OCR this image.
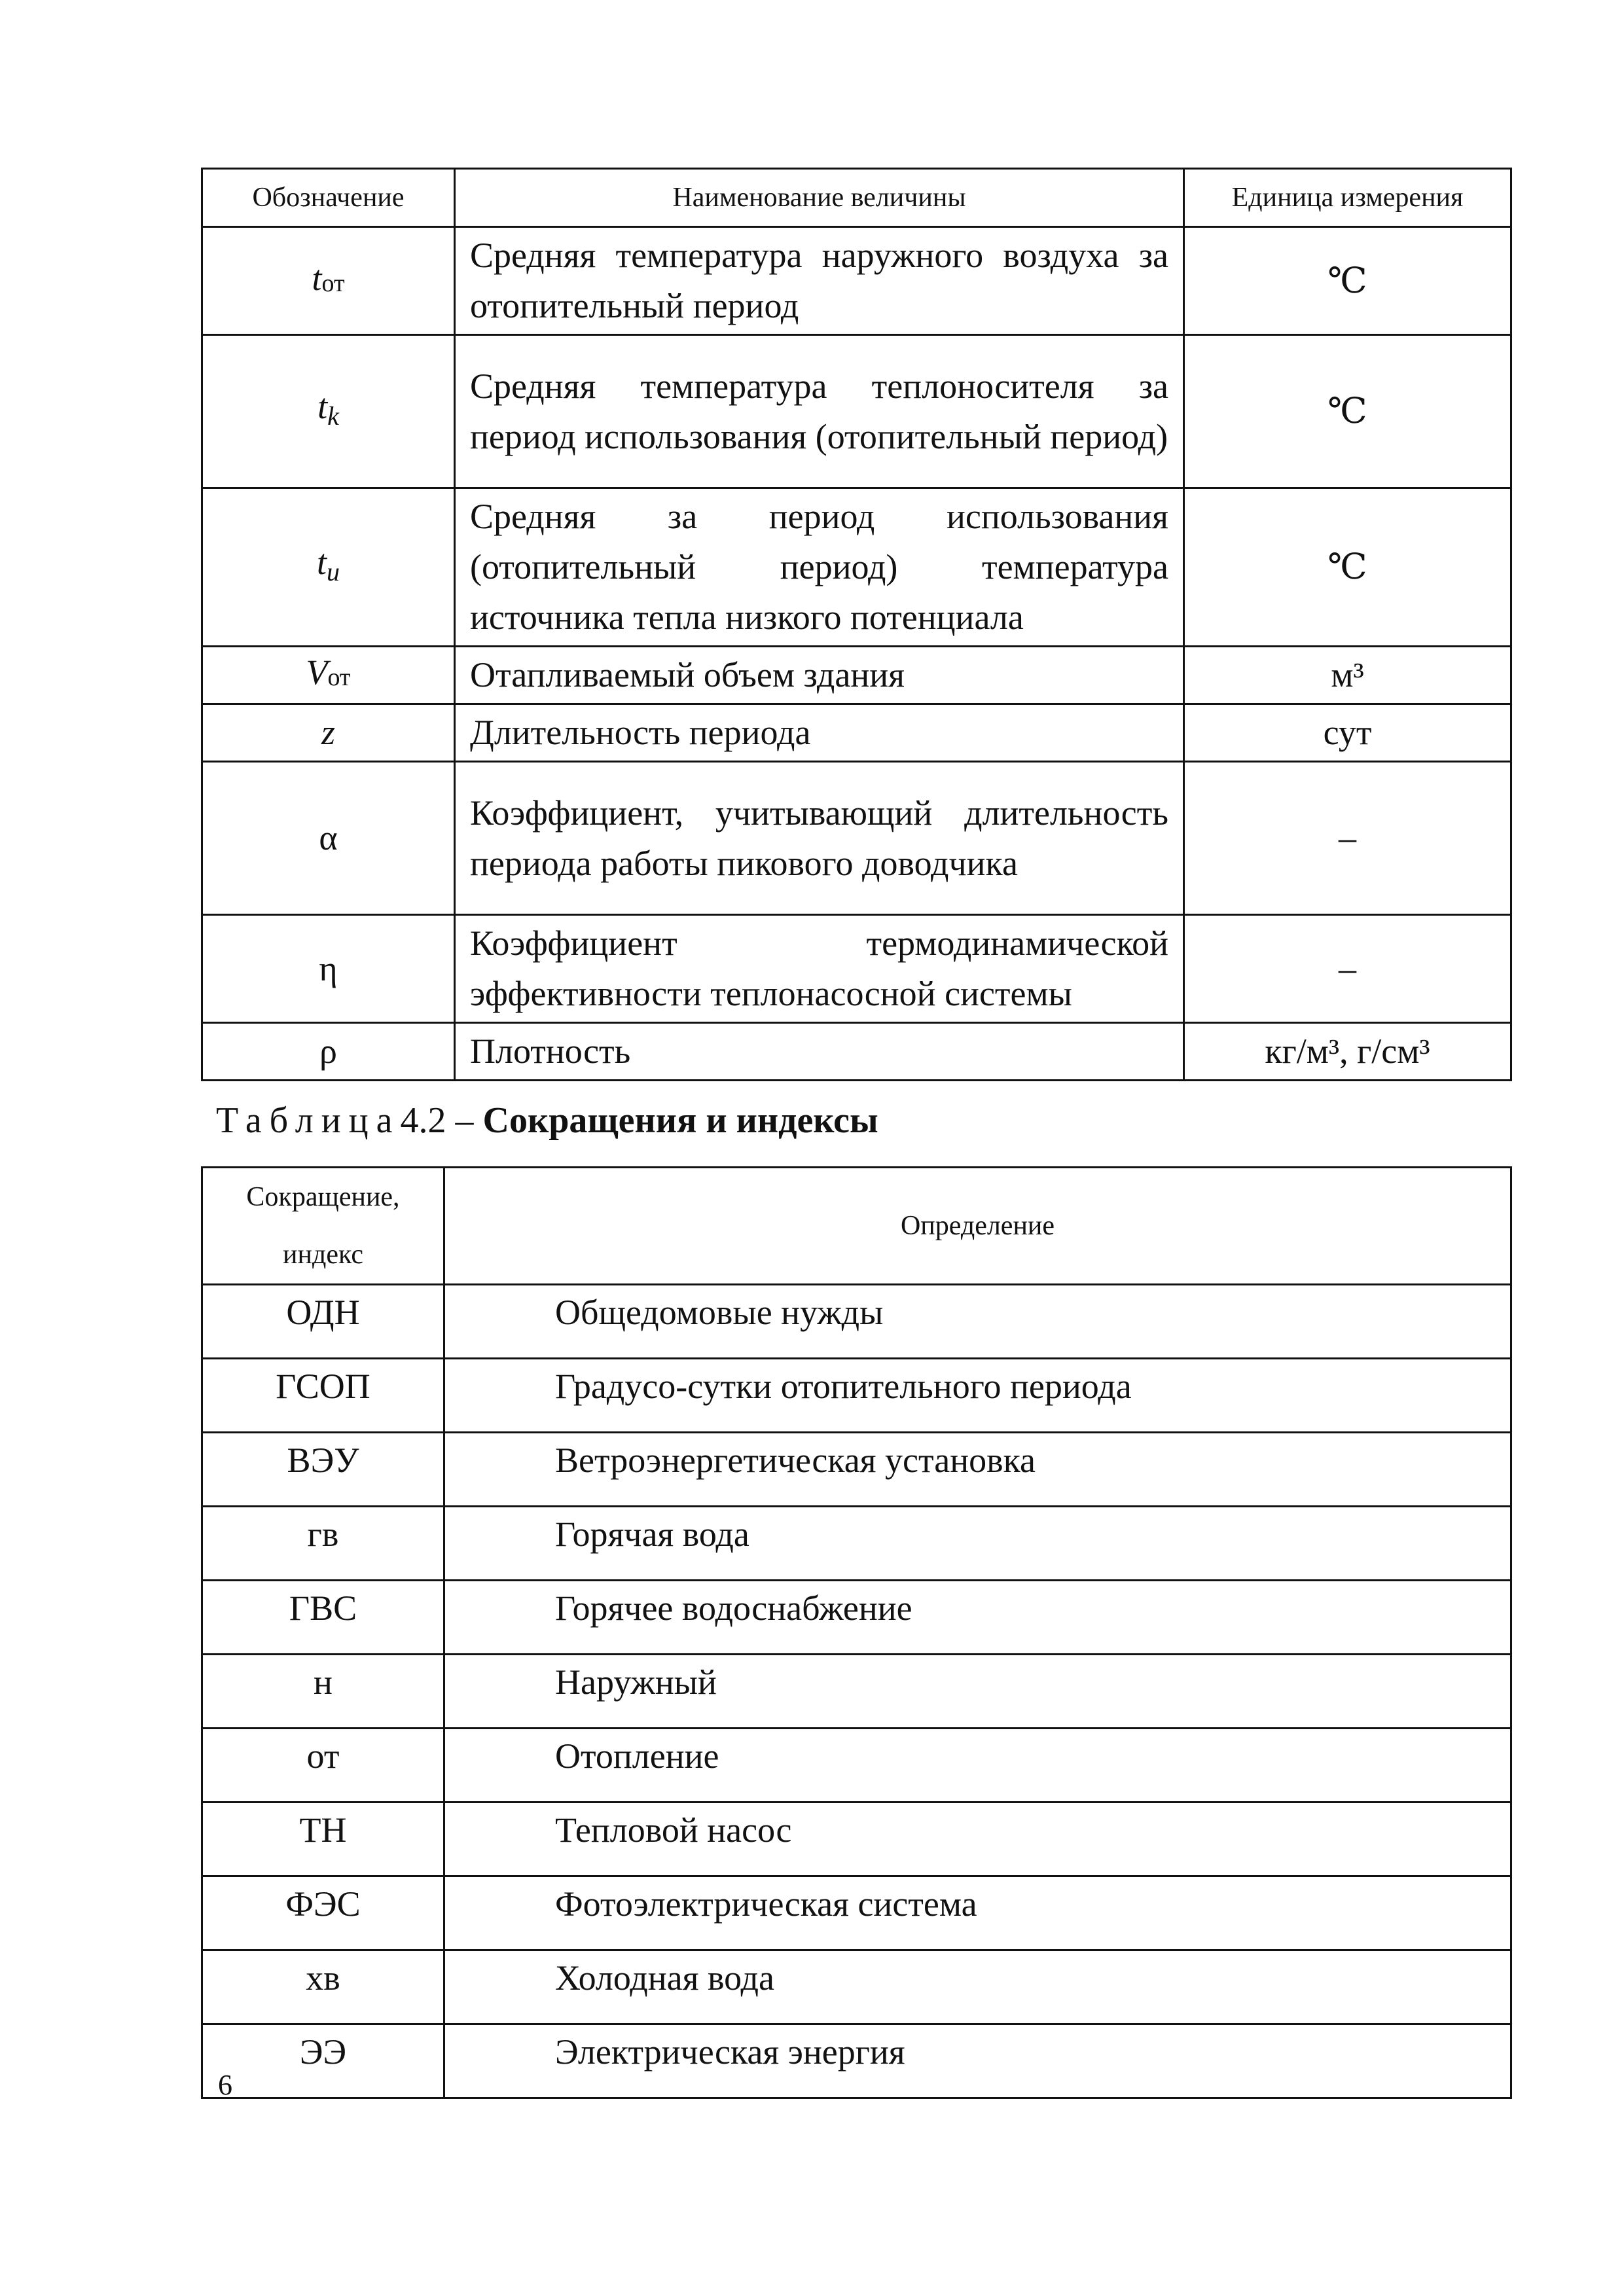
Обозначение	Наименование величины	Единица измерения
tот	Средняя температура наружного воздуха за отопительный период	℃
tk	Средняя температура теплоносителя за период использования (отопительный период)	℃
tu	Средняя за период использования (отопительный период) температура источника тепла низкого потенциала	℃
Vот	Отапливаемый объем здания	м³
z	Длительность периода	сут
α	Коэффициент, учитывающий длительность периода работы пикового доводчика	–
η	Коэффициент термодинамической эффективности теплонасосной системы	–
ρ	Плотность	кг/м³, г/см³
Таблица4.2 – Сокращения и индексы
Сокращение, индекс	Определение
ОДН	Общедомовые нужды
ГСОП	Градусо-сутки отопительного периода
ВЭУ	Ветроэнергетическая установка
гв	Горячая вода
ГВС	Горячее водоснабжение
н	Наружный
от	Отопление
ТН	Тепловой насос
ФЭС	Фотоэлектрическая система
хв	Холодная вода
ЭЭ	Электрическая энергия
6
